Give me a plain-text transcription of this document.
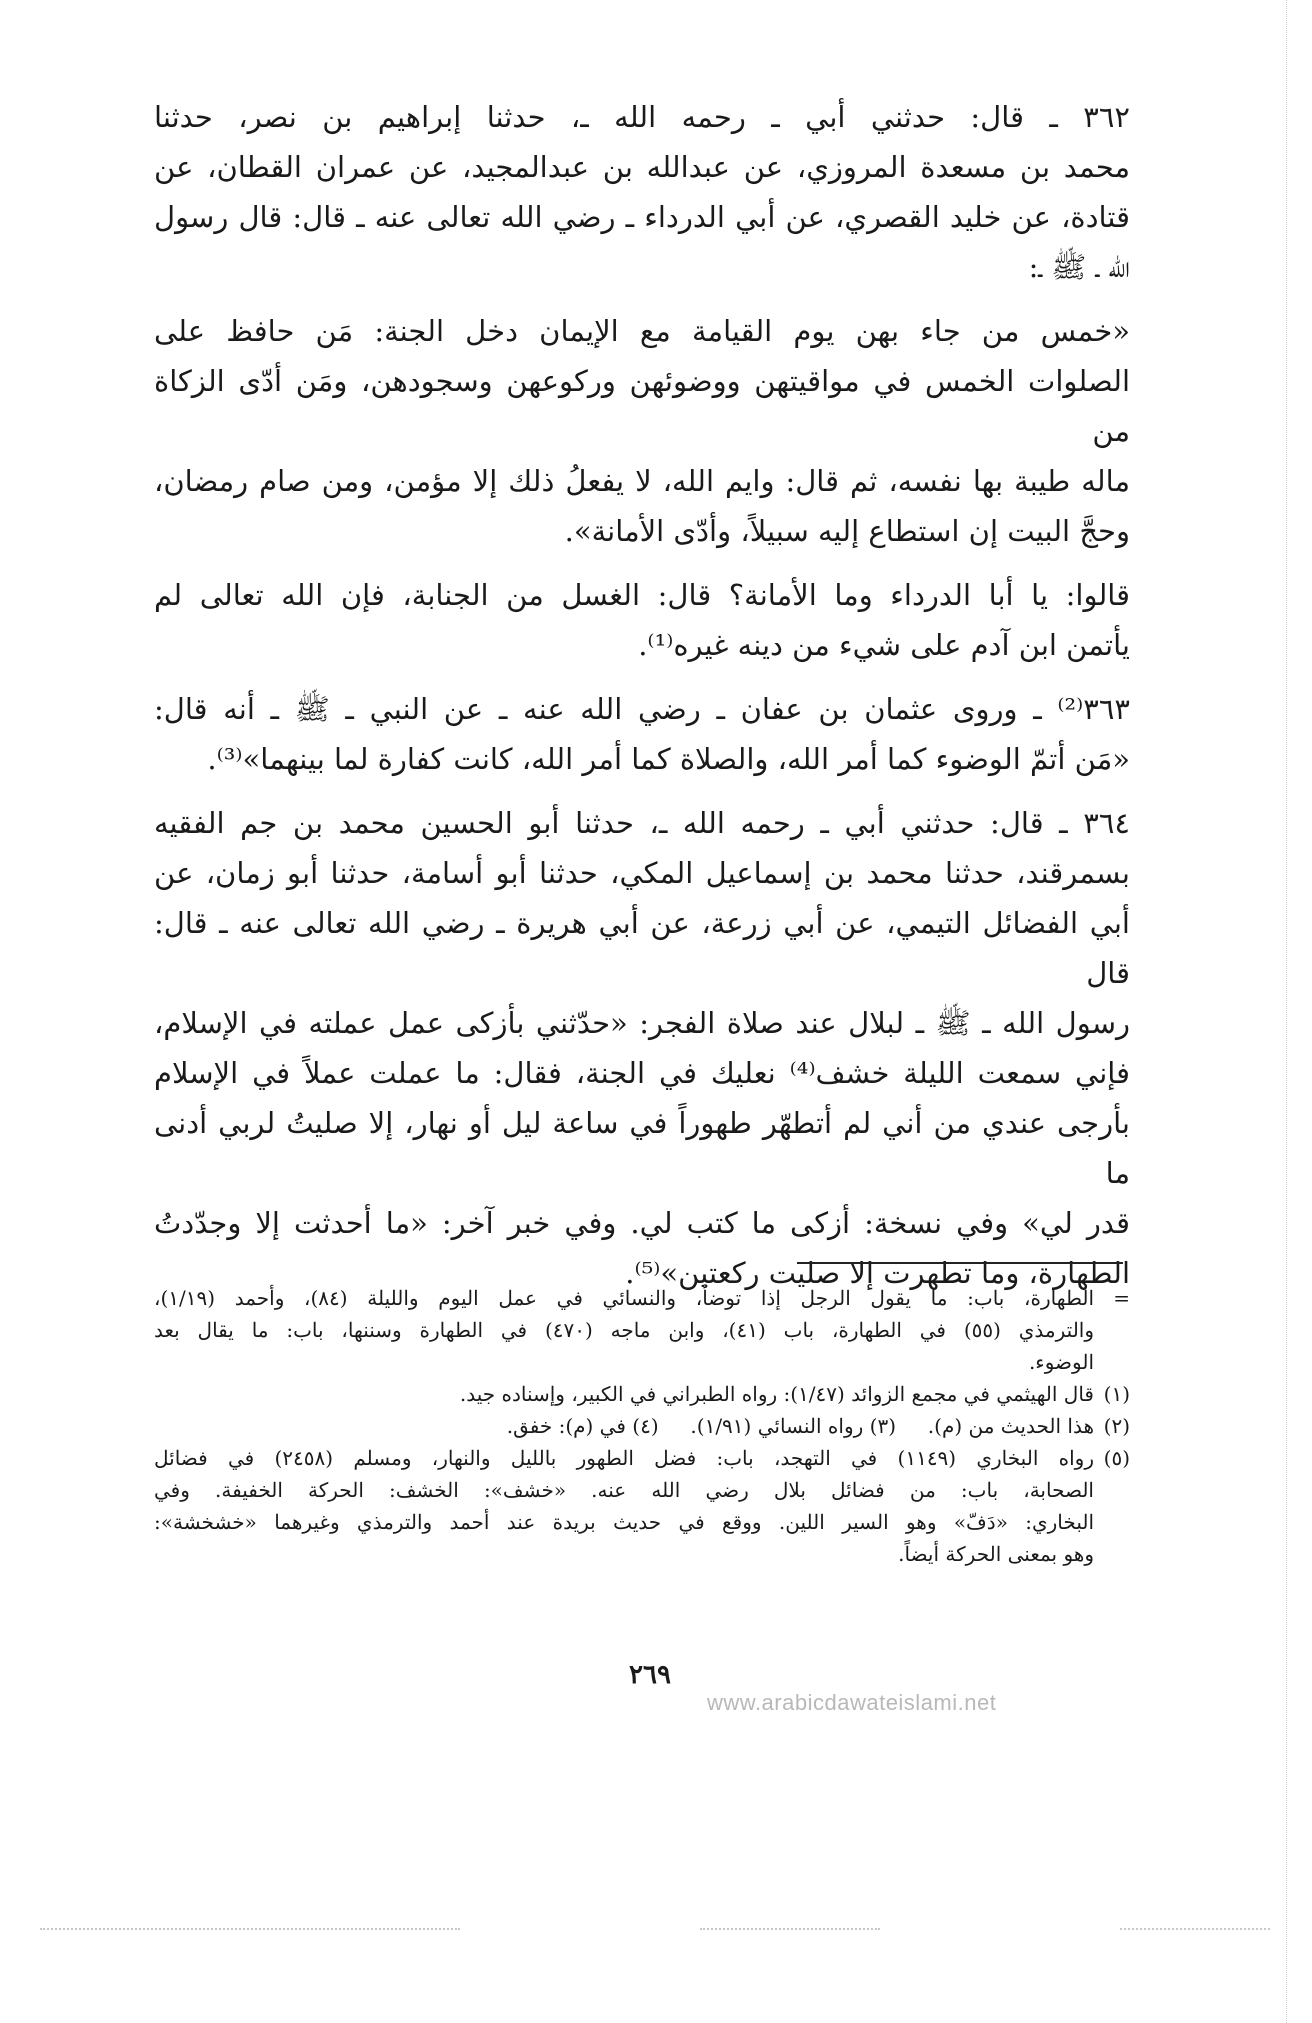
٣٦٢ ـ قال: حدثني أبي ـ رحمه الله ـ، حدثنا إبراهيم بن نصر، حدثنا
محمد بن مسعدة المروزي، عن عبدالله بن عبدالمجيد، عن عمران القطان، عن
قتادة، عن خليد القصري، عن أبي الدرداء ـ رضي الله تعالى عنه ـ قال: قال رسول
الله ـ ﷺ ـ:
«خمس من جاء بهن يوم القيامة مع الإيمان دخل الجنة: مَن حافظ على
الصلوات الخمس في مواقيتهن ووضوئهن وركوعهن وسجودهن، ومَن أدّى الزكاة من
ماله طيبة بها نفسه، ثم قال: وايم الله، لا يفعلُ ذلك إلا مؤمن، ومن صام رمضان،
وحجَّ البيت إن استطاع إليه سبيلاً، وأدّى الأمانة».
قالوا: يا أبا الدرداء وما الأمانة؟ قال: الغسل من الجنابة، فإن الله تعالى لم
يأتمن ابن آدم على شيء من دينه غيره⁽¹⁾.
٣٦٣⁽²⁾ ـ وروى عثمان بن عفان ـ رضي الله عنه ـ عن النبي ـ ﷺ ـ أنه قال:
«مَن أتمّ الوضوء كما أمر الله، والصلاة كما أمر الله، كانت كفارة لما بينهما»⁽³⁾.
٣٦٤ ـ قال: حدثني أبي ـ رحمه الله ـ، حدثنا أبو الحسين محمد بن جم الفقيه
بسمرقند، حدثنا محمد بن إسماعيل المكي، حدثنا أبو أسامة، حدثنا أبو زمان، عن
أبي الفضائل التيمي، عن أبي زرعة، عن أبي هريرة ـ رضي الله تعالى عنه ـ قال: قال
رسول الله ـ ﷺ ـ لبلال عند صلاة الفجر: «حدّثني بأزكى عمل عملته في الإسلام،
فإني سمعت الليلة خشف⁽⁴⁾ نعليك في الجنة، فقال: ما عملت عملاً في الإسلام
بأرجى عندي من أني لم أتطهّر طهوراً في ساعة ليل أو نهار، إلا صليتُ لربي أدنى ما
قدر لي» وفي نسخة: أزكى ما كتب لي. وفي خبر آخر: «ما أحدثت إلا وجدّدتُ
الطهارة، وما تطهرت إلا صليت ركعتين»⁽⁵⁾.
=
الطهارة، باب: ما يقول الرجل إذا توضأ، والنسائي في عمل اليوم والليلة (٨٤)، وأحمد (١/١٩)،
والترمذي (٥٥) في الطهارة، باب (٤١)، وابن ماجه (٤٧٠) في الطهارة وسننها، باب: ما يقال بعد
الوضوء.
(١)
قال الهيثمي في مجمع الزوائد (١/٤٧): رواه الطبراني في الكبير، وإسناده جيد.
(٢)
هذا الحديث من (م).     (٣) رواه النسائي (١/٩١).     (٤) في (م): خفق.
(٥)
رواه البخاري (١١٤٩) في التهجد، باب: فضل الطهور بالليل والنهار، ومسلم (٢٤٥٨) في فضائل
الصحابة، باب: من فضائل بلال رضي الله عنه. «خشف»: الخشف: الحركة الخفيفة. وفي
البخاري: «دَفّ» وهو السير اللين. ووقع في حديث بريدة عند أحمد والترمذي وغيرهما «خشخشة»:
وهو بمعنى الحركة أيضاً.
٢٦٩
www.arabicdawateislami.net
